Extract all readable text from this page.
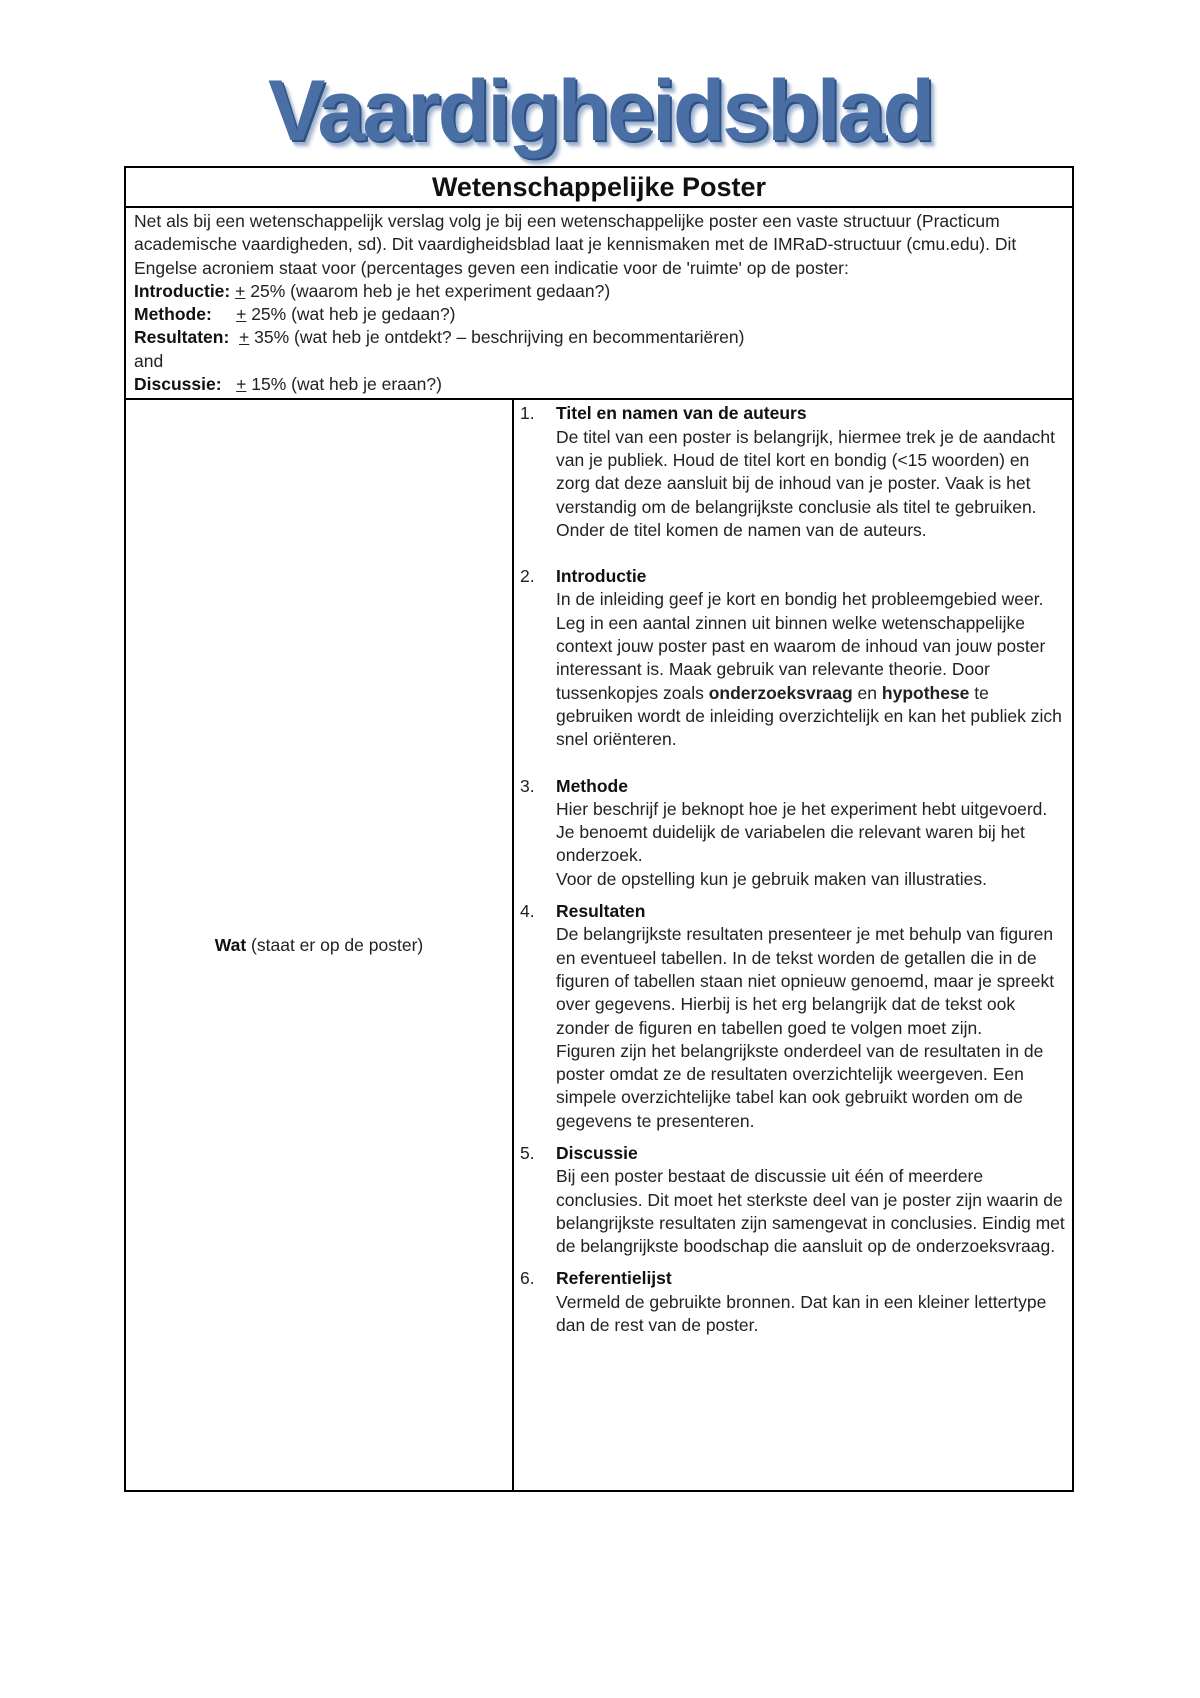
Vaardigheidsblad
Wetenschappelijke Poster
Net als bij een wetenschappelijk verslag volg je bij een wetenschappelijke poster een vaste structuur (Practicum academische vaardigheden, sd). Dit vaardigheidsblad laat je kennismaken met de IMRaD-structuur (cmu.edu). Dit Engelse acroniem staat voor (percentages geven een indicatie voor de 'ruimte' op de poster:
Introductie: + 25% (waarom heb je het experiment gedaan?)
Methode: + 25% (wat heb je gedaan?)
Resultaten: + 35% (wat heb je ontdekt? – beschrijving en becommentariëren)
and
Discussie: + 15% (wat heb je eraan?)
Wat (staat er op de poster)
1.	Titel en namen van de auteurs
De titel van een poster is belangrijk, hiermee trek je de aandacht van je publiek. Houd de titel kort en bondig (<15 woorden) en zorg dat deze aansluit bij de inhoud van je poster. Vaak is het verstandig om de belangrijkste conclusie als titel te gebruiken.
Onder de titel komen de namen van de auteurs.
2.	Introductie
In de inleiding geef je kort en bondig het probleemgebied weer. Leg in een aantal zinnen uit binnen welke wetenschappelijke context jouw poster past en waarom de inhoud van jouw poster interessant is. Maak gebruik van relevante theorie. Door tussenkopjes zoals onderzoeksvraag en hypothese te gebruiken wordt de inleiding overzichtelijk en kan het publiek zich snel oriënteren.
3.	Methode
Hier beschrijf je beknopt hoe je het experiment hebt uitgevoerd. Je benoemt duidelijk de variabelen die relevant waren bij het onderzoek.
Voor de opstelling kun je gebruik maken van illustraties.
4.	Resultaten
De belangrijkste resultaten presenteer je met behulp van figuren en eventueel tabellen. In de tekst worden de getallen die in de figuren of tabellen staan niet opnieuw genoemd, maar je spreekt over gegevens. Hierbij is het erg belangrijk dat de tekst ook zonder de figuren en tabellen goed te volgen moet zijn.
Figuren zijn het belangrijkste onderdeel van de resultaten in de poster omdat ze de resultaten overzichtelijk weergeven. Een simpele overzichtelijke tabel kan ook gebruikt worden om de gegevens te presenteren.
5.	Discussie
Bij een poster bestaat de discussie uit één of meerdere conclusies. Dit moet het sterkste deel van je poster zijn waarin de belangrijkste resultaten zijn samengevat in conclusies. Eindig met de belangrijkste boodschap die aansluit op de onderzoeksvraag.
6.	Referentielijst
Vermeld de gebruikte bronnen. Dat kan in een kleiner lettertype dan de rest van de poster.
